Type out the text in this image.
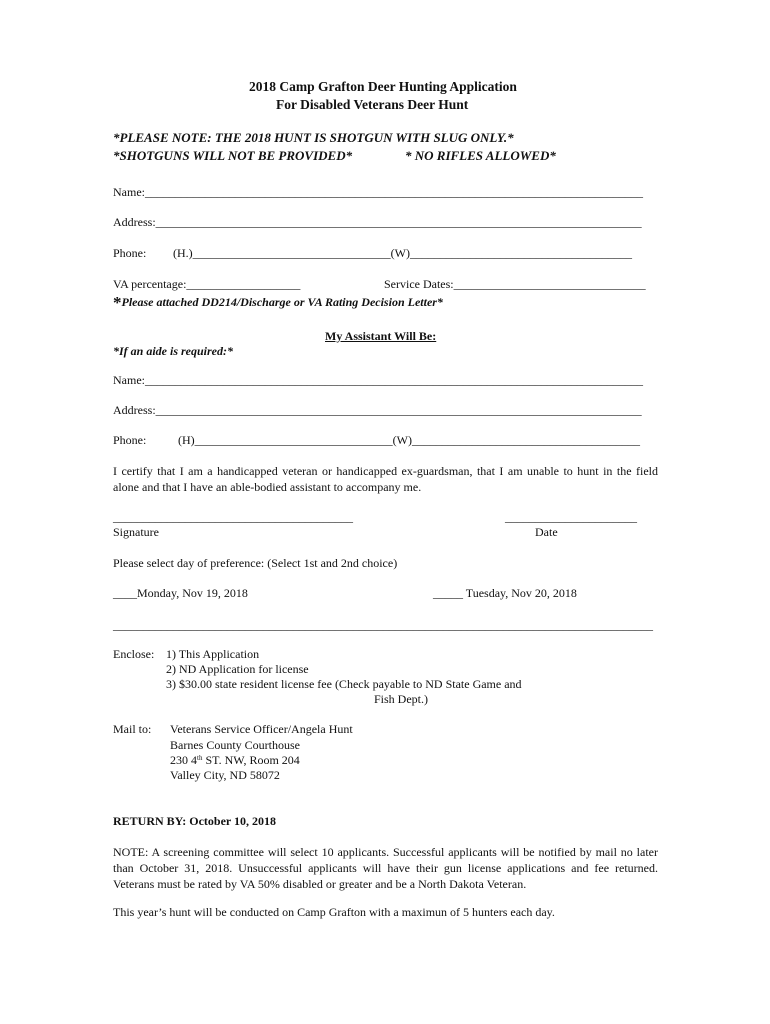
2018 Camp Grafton Deer Hunting Application
For Disabled Veterans Deer Hunt
*PLEASE NOTE: THE 2018 HUNT IS SHOTGUN WITH SLUG ONLY.*
*SHOTGUNS WILL NOT BE PROVIDED*	* NO RIFLES ALLOWED*
Name:___________________________________________________________________________________
Address:_________________________________________________________________________________
Phone: (H.)_________________________________(W)_____________________________________
VA percentage:___________________	Service Dates:________________________________
*Please attached DD214/Discharge or VA Rating Decision Letter*
My Assistant Will Be:
*If an aide is required:*
Name:___________________________________________________________________________________
Address:_________________________________________________________________________________
Phone:	(H)_________________________________(W)______________________________________
I certify that I am a handicapped veteran or handicapped ex-guardsman, that I am unable to hunt in the field alone and that I have an able-bodied assistant to accompany me.
________________________________________
Signature
______________________
Date
Please select day of preference: (Select 1st and 2nd choice)
____Monday, Nov 19, 2018	_____ Tuesday, Nov 20, 2018
__________________________________________________________________________________________
Enclose: 1) This Application
2) ND Application for license
3) $30.00 state resident license fee (Check payable to ND State Game and
Fish Dept.)
Mail to: Veterans Service Officer/Angela Hunt
Barnes County Courthouse
230 4th ST. NW, Room 204
Valley City, ND 58072
RETURN BY: October 10, 2018
NOTE: A screening committee will select 10 applicants. Successful applicants will be notified by mail no later than October 31, 2018. Unsuccessful applicants will have their gun license applications and fee returned. Veterans must be rated by VA 50% disabled or greater and be a North Dakota Veteran.
This year’s hunt will be conducted on Camp Grafton with a maximun of 5 hunters each day.
